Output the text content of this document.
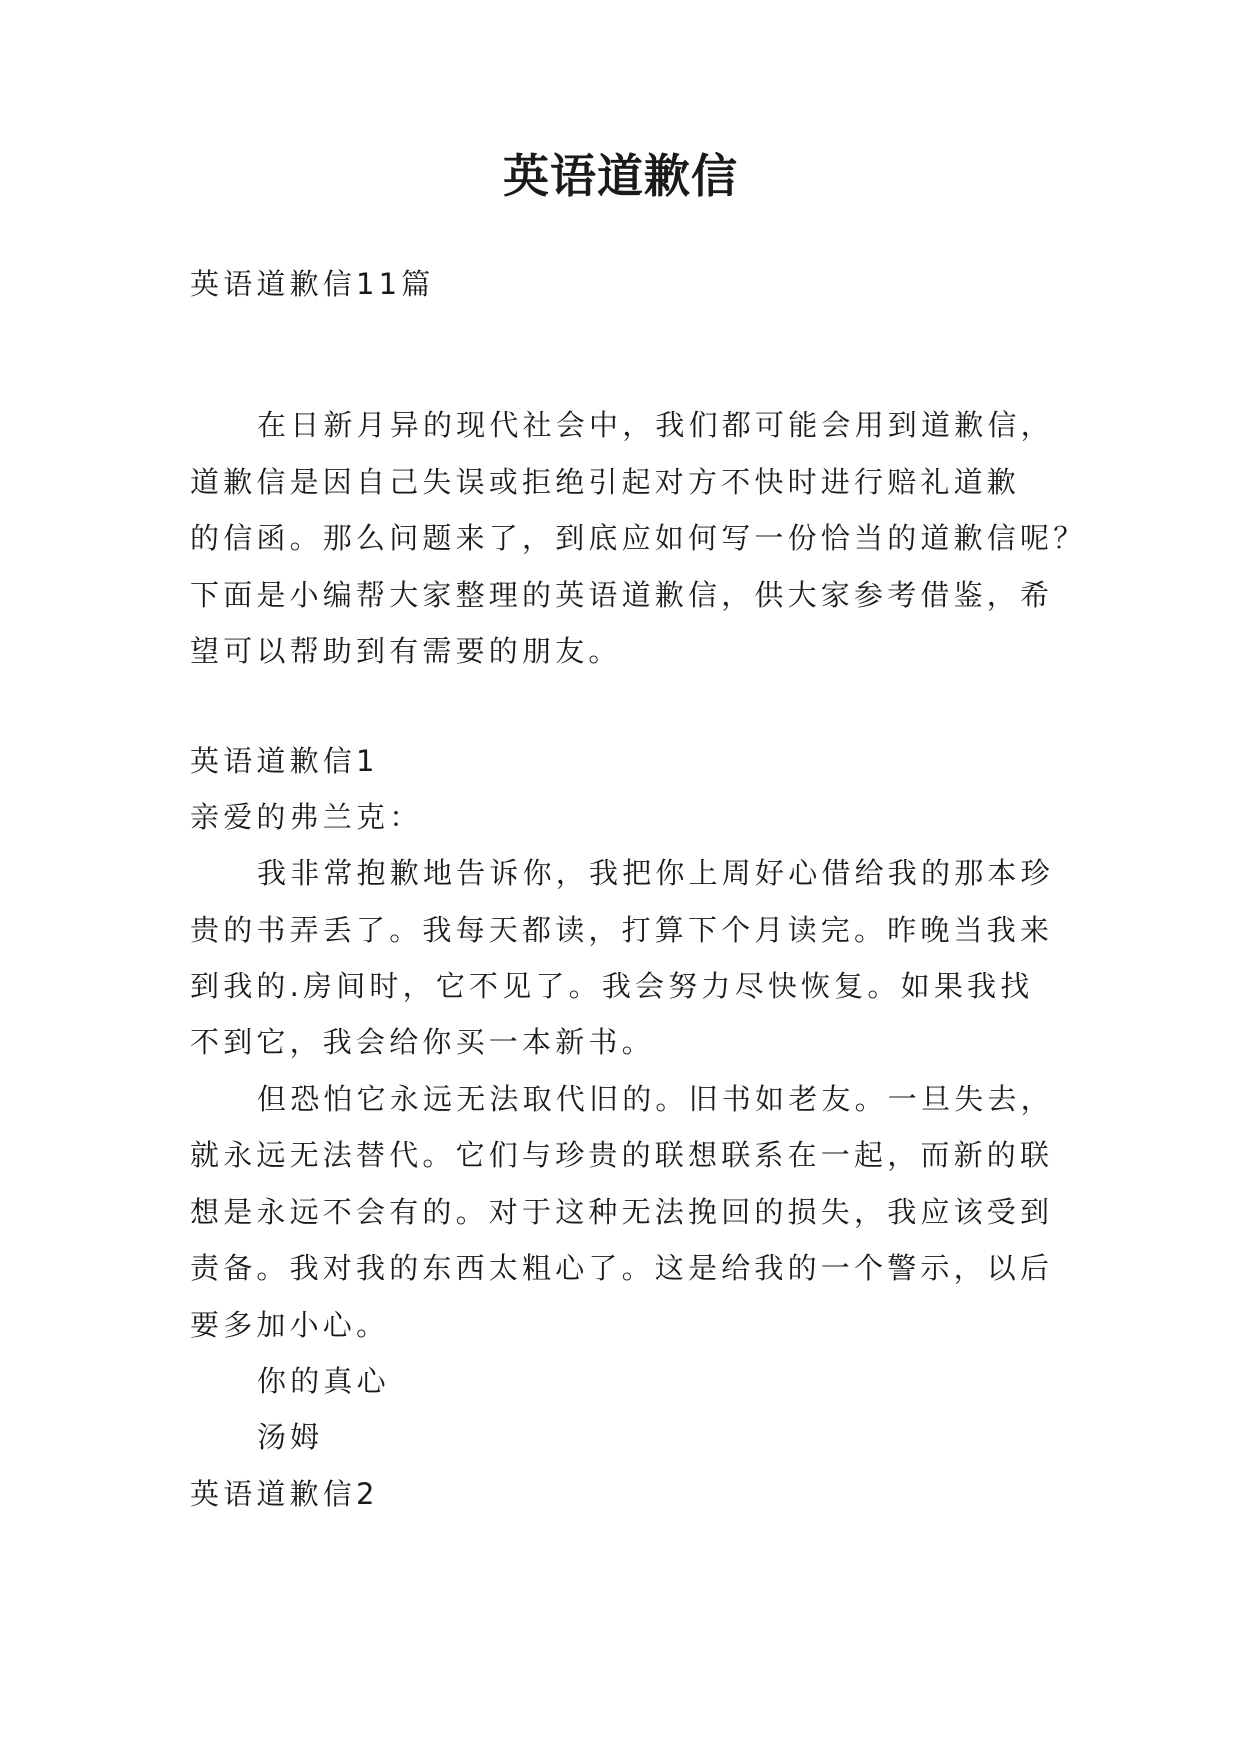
英语道歉信

英语道歉信11篇

在日新月异的现代社会中，我们都可能会用到道歉信，

道歉信是因自己失误或拒绝引起对方不快时进行赔礼道歉

的信函。那么问题来了，到底应如何写一份恰当的道歉信呢？

下面是小编帮大家整理的英语道歉信，供大家参考借鉴，希

望可以帮助到有需要的朋友。

英语道歉信1

亲爱的弗兰克：

我非常抱歉地告诉你，我把你上周好心借给我的那本珍

贵的书弄丢了。我每天都读，打算下个月读完。昨晚当我来

到我的.房间时，它不见了。我会努力尽快恢复。如果我找

不到它，我会给你买一本新书。

但恐怕它永远无法取代旧的。旧书如老友。一旦失去，

就永远无法替代。它们与珍贵的联想联系在一起，而新的联

想是永远不会有的。对于这种无法挽回的损失，我应该受到

责备。我对我的东西太粗心了。这是给我的一个警示，以后

要多加小心。

你的真心

汤姆

英语道歉信2
